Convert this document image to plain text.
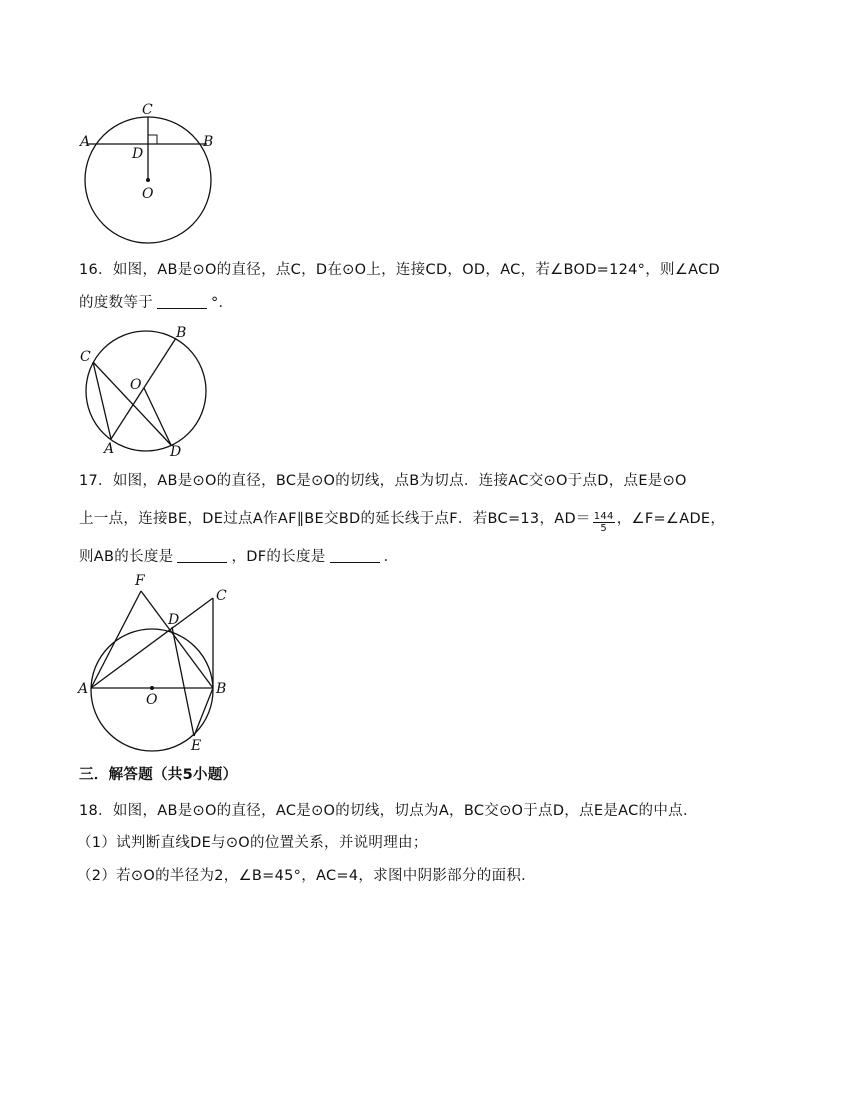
C
A	B
D
O
16．如图，AB是⊙O的直径，点C，D在⊙O上，连接CD，OD，AC，若∠BOD=124°，则∠ACD
的度数等于	°．
B
C
O
A	D
17．如图，AB是⊙O的直径，BC是⊙O的切线，点B为切点．连接AC交⊙O于点D，点E是⊙O
上一点，连接BE，DE过点A作AF∥BE交BD的延长线于点F．若BC=13，$AD= \frac{144}{5}$ ，∠F=∠ADE，
则AB的长度是	，DF的长度是	．
F
C
D
A	B
O
E
三．解答题（共5小题）
18．如图，AB是⊙O的直径，AC是⊙O的切线，切点为A，BC交⊙O于点D，点E是AC的中点．
（1）试判断直线DE与⊙O的位置关系，并说明理由；
（2）若⊙O的半径为2，∠B=45°，AC=4，求图中阴影部分的面积．
